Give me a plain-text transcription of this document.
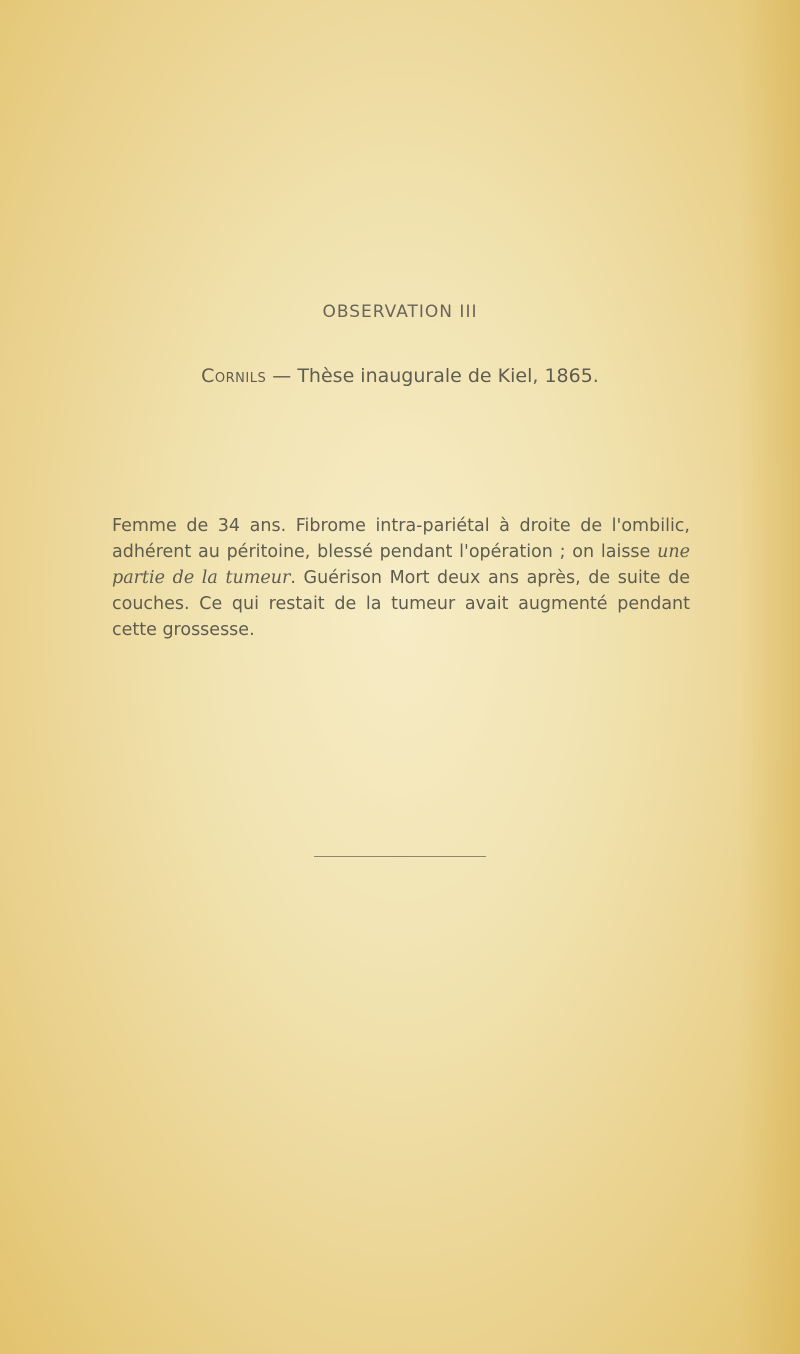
OBSERVATION III
Cornils — Thèse inaugurale de Kiel, 1865.
Femme de 34 ans. Fibrome intra-pariétal à droite de l'ombilic, adhérent au péritoine, blessé pendant l'opération ; on laisse une partie de la tumeur. Guérison Mort deux ans après, de suite de couches. Ce qui restait de la tumeur avait augmenté pendant cette grossesse.
